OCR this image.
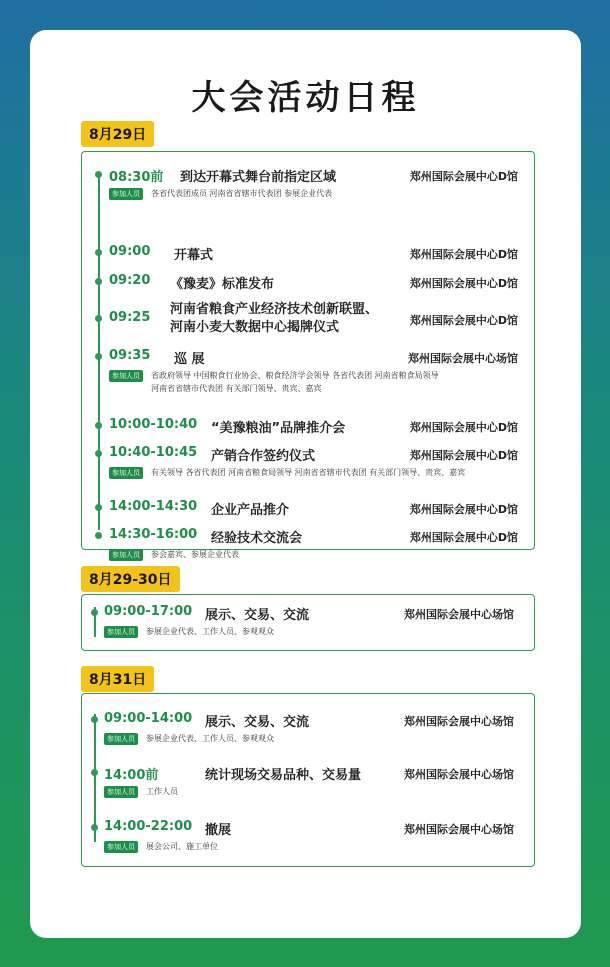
大会活动日程
8月29日
08:30前 到达开幕式舞台前指定区域	郑州国际会展中心D馆
参加人员	各省代表团成员 河南省省辖市代表团 参展企业代表
09:00 开幕式	郑州国际会展中心D馆
09:20 《豫麦》标准发布	郑州国际会展中心D馆
09:25
河南省粮食产业经济技术创新联盟、
河南小麦大数据中心揭牌仪式	郑州国际会展中心D馆
09:35 巡 展	郑州国际会展中心场馆
参加人员	省政府领导 中国粮食行业协会、粮食经济学会领导 各省代表团 河南省粮食局领导
河南省省辖市代表团 有关部门领导、贵宾、嘉宾
10:00-10:40 “美豫粮油”品牌推介会	郑州国际会展中心D馆
10:40-10:45 产销合作签约仪式	郑州国际会展中心D馆
参加人员	有关领导 各省代表团 河南省粮食局领导 河南省省辖市代表团 有关部门领导、贵宾、嘉宾
14:00-14:30 企业产品推介	郑州国际会展中心D馆
14:30-16:00 经验技术交流会	郑州国际会展中心D馆
参加人员	参会嘉宾、参展企业代表
8月29-30日
09:00-17:00 展示、交易、交流	郑州国际会展中心场馆
参加人员	参展企业代表、工作人员、参观观众
8月31日
09:00-14:00 展示、交易、交流	郑州国际会展中心场馆
参加人员	参展企业代表、工作人员、参观观众
14:00前	统计现场交易品种、交易量	郑州国际会展中心场馆
参加人员	工作人员
14:00-22:00 撤展	郑州国际会展中心场馆
参加人员	展会公司、施工单位
